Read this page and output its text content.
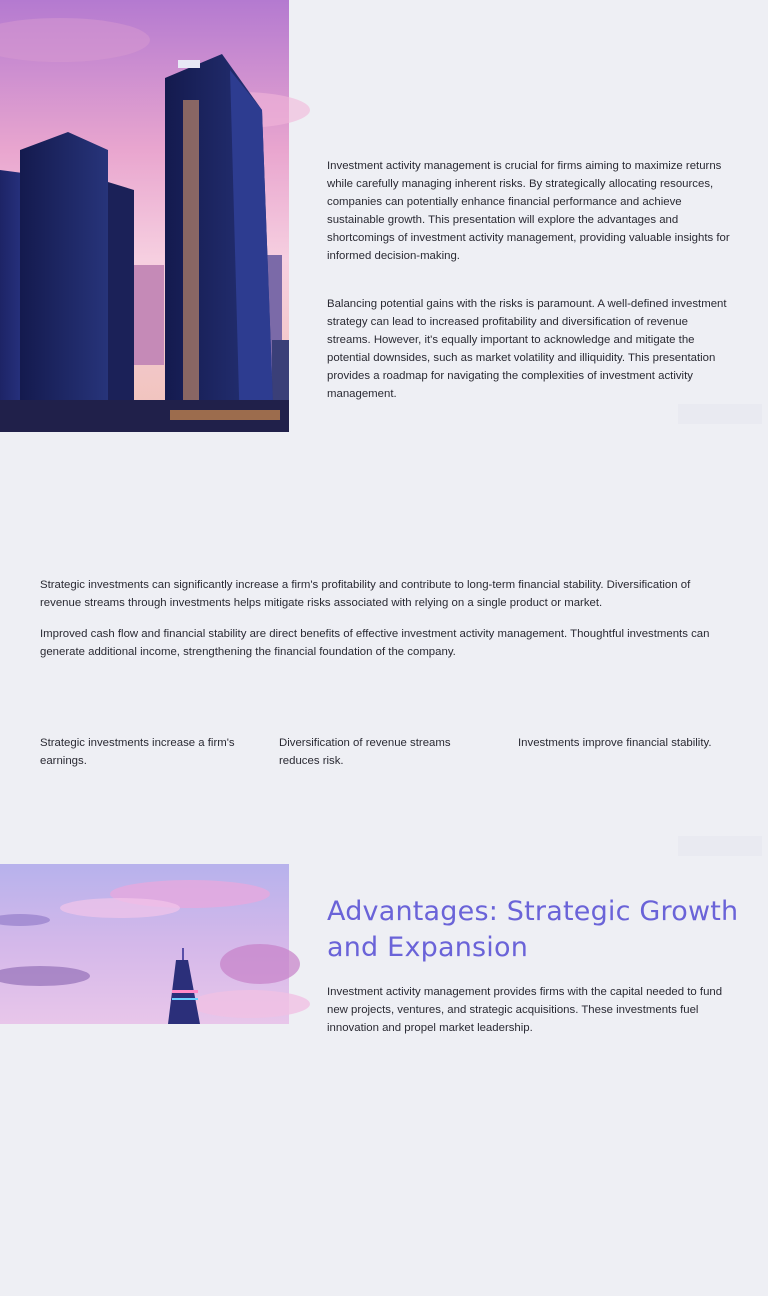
Investment activity management is crucial for firms aiming to maximize returns while carefully managing inherent risks. By strategically allocating resources, companies can potentially enhance financial performance and achieve sustainable growth. This presentation will explore the advantages and shortcomings of investment activity management, providing valuable insights for informed decision-making.

Balancing potential gains with the risks is paramount. A well-defined investment strategy can lead to increased profitability and diversification of revenue streams. However, it's equally important to acknowledge and mitigate the potential downsides, such as market volatility and illiquidity. This presentation provides a roadmap for navigating the complexities of investment activity management.

Strategic investments can significantly increase a firm's profitability and contribute to long-term financial stability. Diversification of revenue streams through investments helps mitigate risks associated with relying on a single product or market.

Improved cash flow and financial stability are direct benefits of effective investment activity management. Thoughtful investments can generate additional income, strengthening the financial foundation of the company.

Strategic investments increase a firm's earnings.
Diversification of revenue streams reduces risk.
Investments improve financial stability.
Advantages: Strategic Growth and Expansion

Investment activity management provides firms with the capital needed to fund new projects, ventures, and strategic acquisitions. These investments fuel innovation and propel market leadership.
